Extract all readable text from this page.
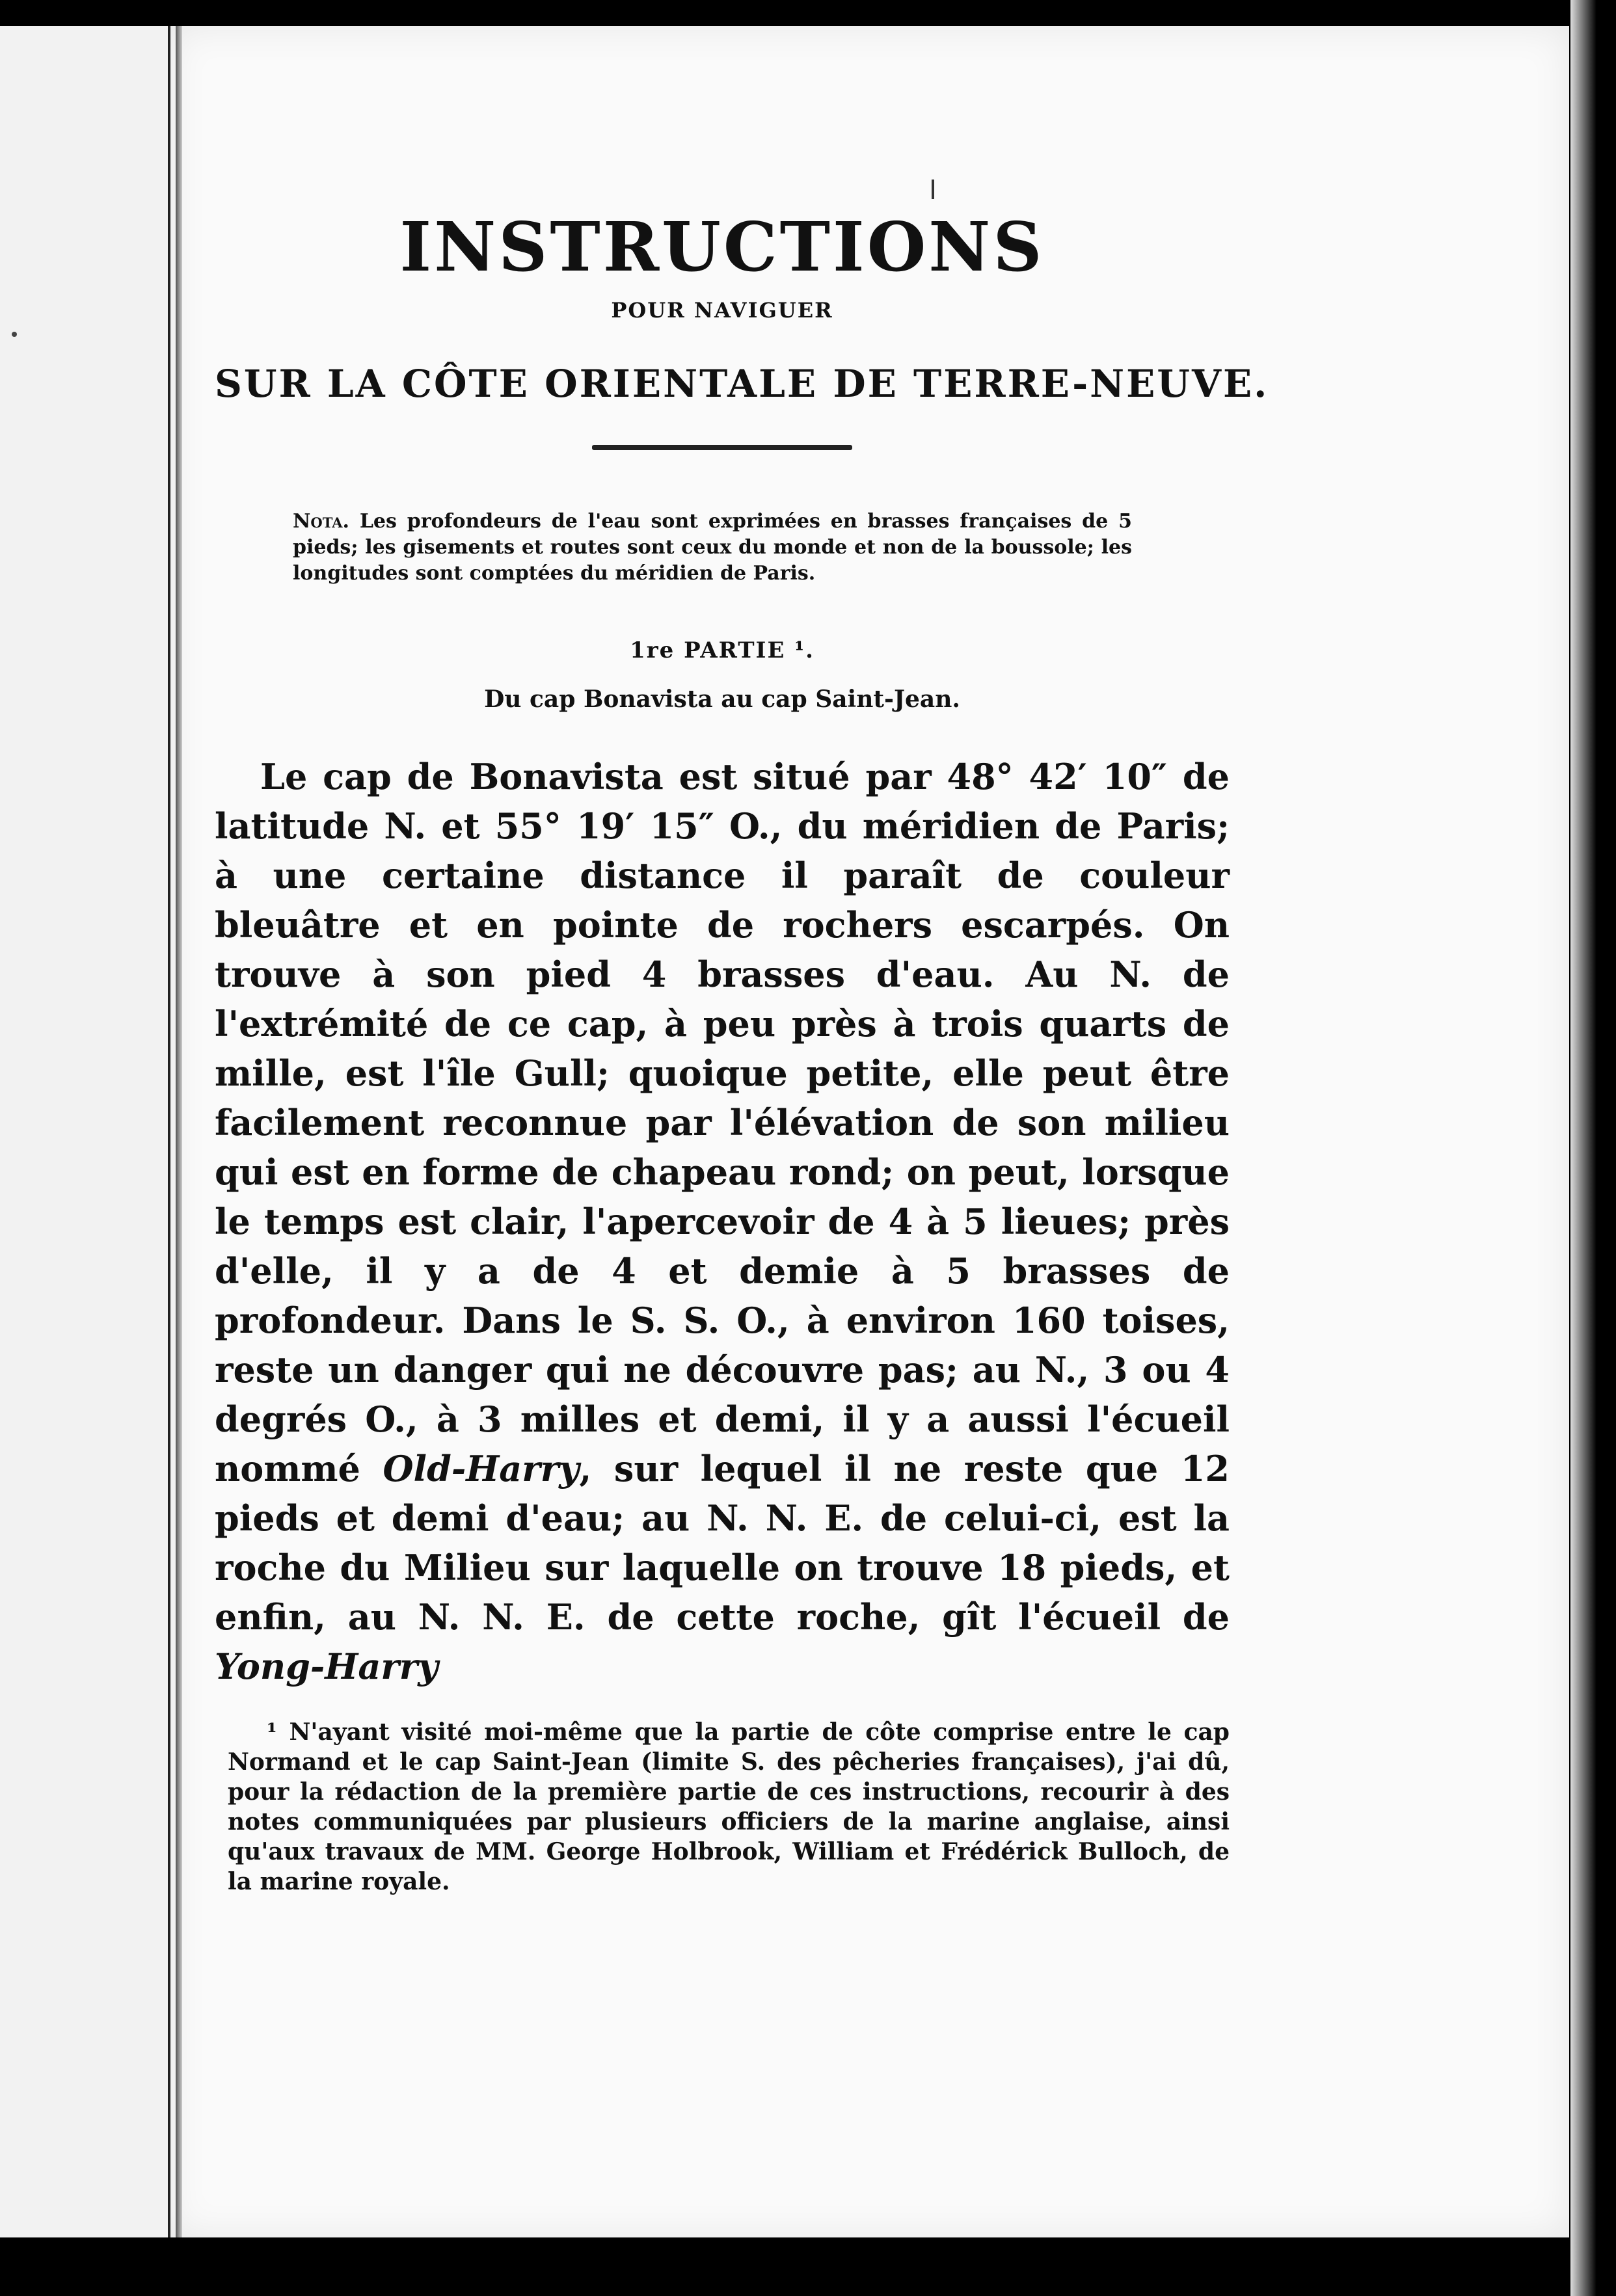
INSTRUCTIONS
POUR NAVIGUER
SUR LA CÔTE ORIENTALE DE TERRE-NEUVE.
Nota. Les profondeurs de l'eau sont exprimées en brasses françaises de 5 pieds; les gisements et routes sont ceux du monde et non de la boussole; les longitudes sont comptées du méridien de Paris.
1re PARTIE ¹.
Du cap Bonavista au cap Saint-Jean.
Le cap de Bonavista est situé par 48° 42′ 10″ de latitude N. et 55° 19′ 15″ O., du méridien de Paris; à une certaine distance il paraît de couleur bleuâtre et en pointe de rochers escarpés. On trouve à son pied 4 brasses d'eau. Au N. de l'extrémité de ce cap, à peu près à trois quarts de mille, est l'île Gull; quoique petite, elle peut être facilement reconnue par l'élévation de son milieu qui est en forme de chapeau rond; on peut, lorsque le temps est clair, l'apercevoir de 4 à 5 lieues; près d'elle, il y a de 4 et demie à 5 brasses de profondeur. Dans le S. S. O., à environ 160 toises, reste un danger qui ne découvre pas; au N., 3 ou 4 degrés O., à 3 milles et demi, il y a aussi l'écueil nommé Old-Harry, sur lequel il ne reste que 12 pieds et demi d'eau; au N. N. E. de celui-ci, est la roche du Milieu sur laquelle on trouve 18 pieds, et enfin, au N. N. E. de cette roche, gît l'écueil de Yong-Harry
¹ N'ayant visité moi-même que la partie de côte comprise entre le cap Normand et le cap Saint-Jean (limite S. des pêcheries françaises), j'ai dû, pour la rédaction de la première partie de ces instructions, recourir à des notes communiquées par plusieurs officiers de la marine anglaise, ainsi qu'aux travaux de MM. George Holbrook, William et Frédérick Bulloch, de la marine royale.
